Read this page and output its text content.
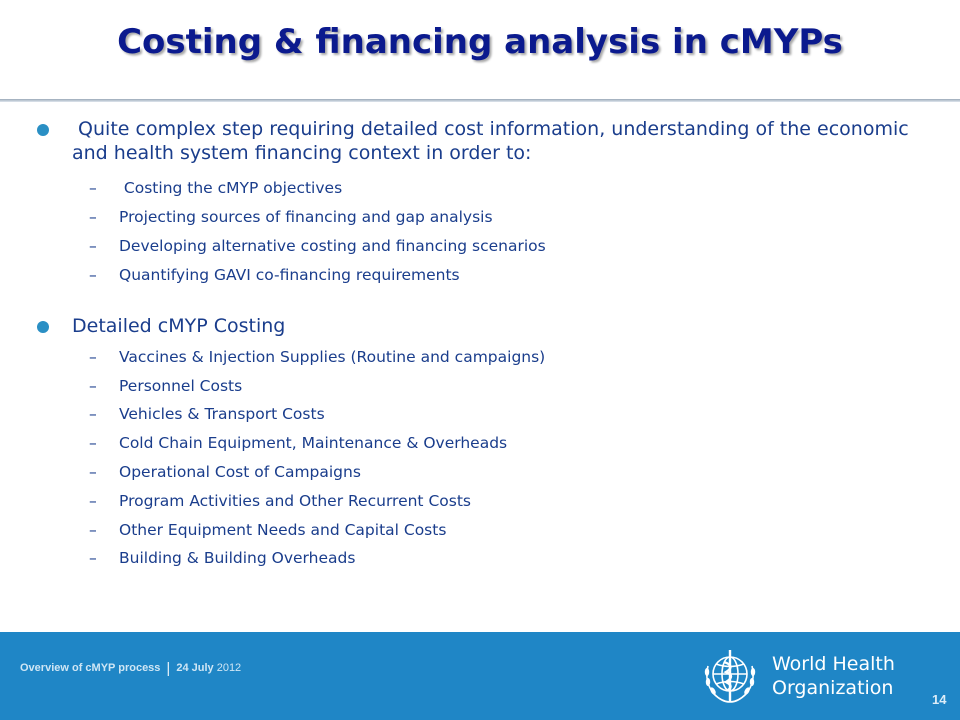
Costing & financing analysis in cMYPs
Quite complex step requiring detailed cost information, understanding of the economic and health system financing context in order to:
– Costing the cMYP objectives
– Projecting sources of financing and gap analysis
– Developing alternative costing and financing scenarios
– Quantifying GAVI co-financing requirements
Detailed cMYP Costing
– Vaccines & Injection Supplies (Routine and campaigns)
– Personnel Costs
– Vehicles & Transport Costs
– Cold Chain Equipment, Maintenance & Overheads
– Operational Cost of Campaigns
– Program Activities and Other Recurrent Costs
– Other Equipment Needs and Capital Costs
– Building & Building Overheads
Overview of cMYP process | 24 July 2012	World Health
Organization
14
